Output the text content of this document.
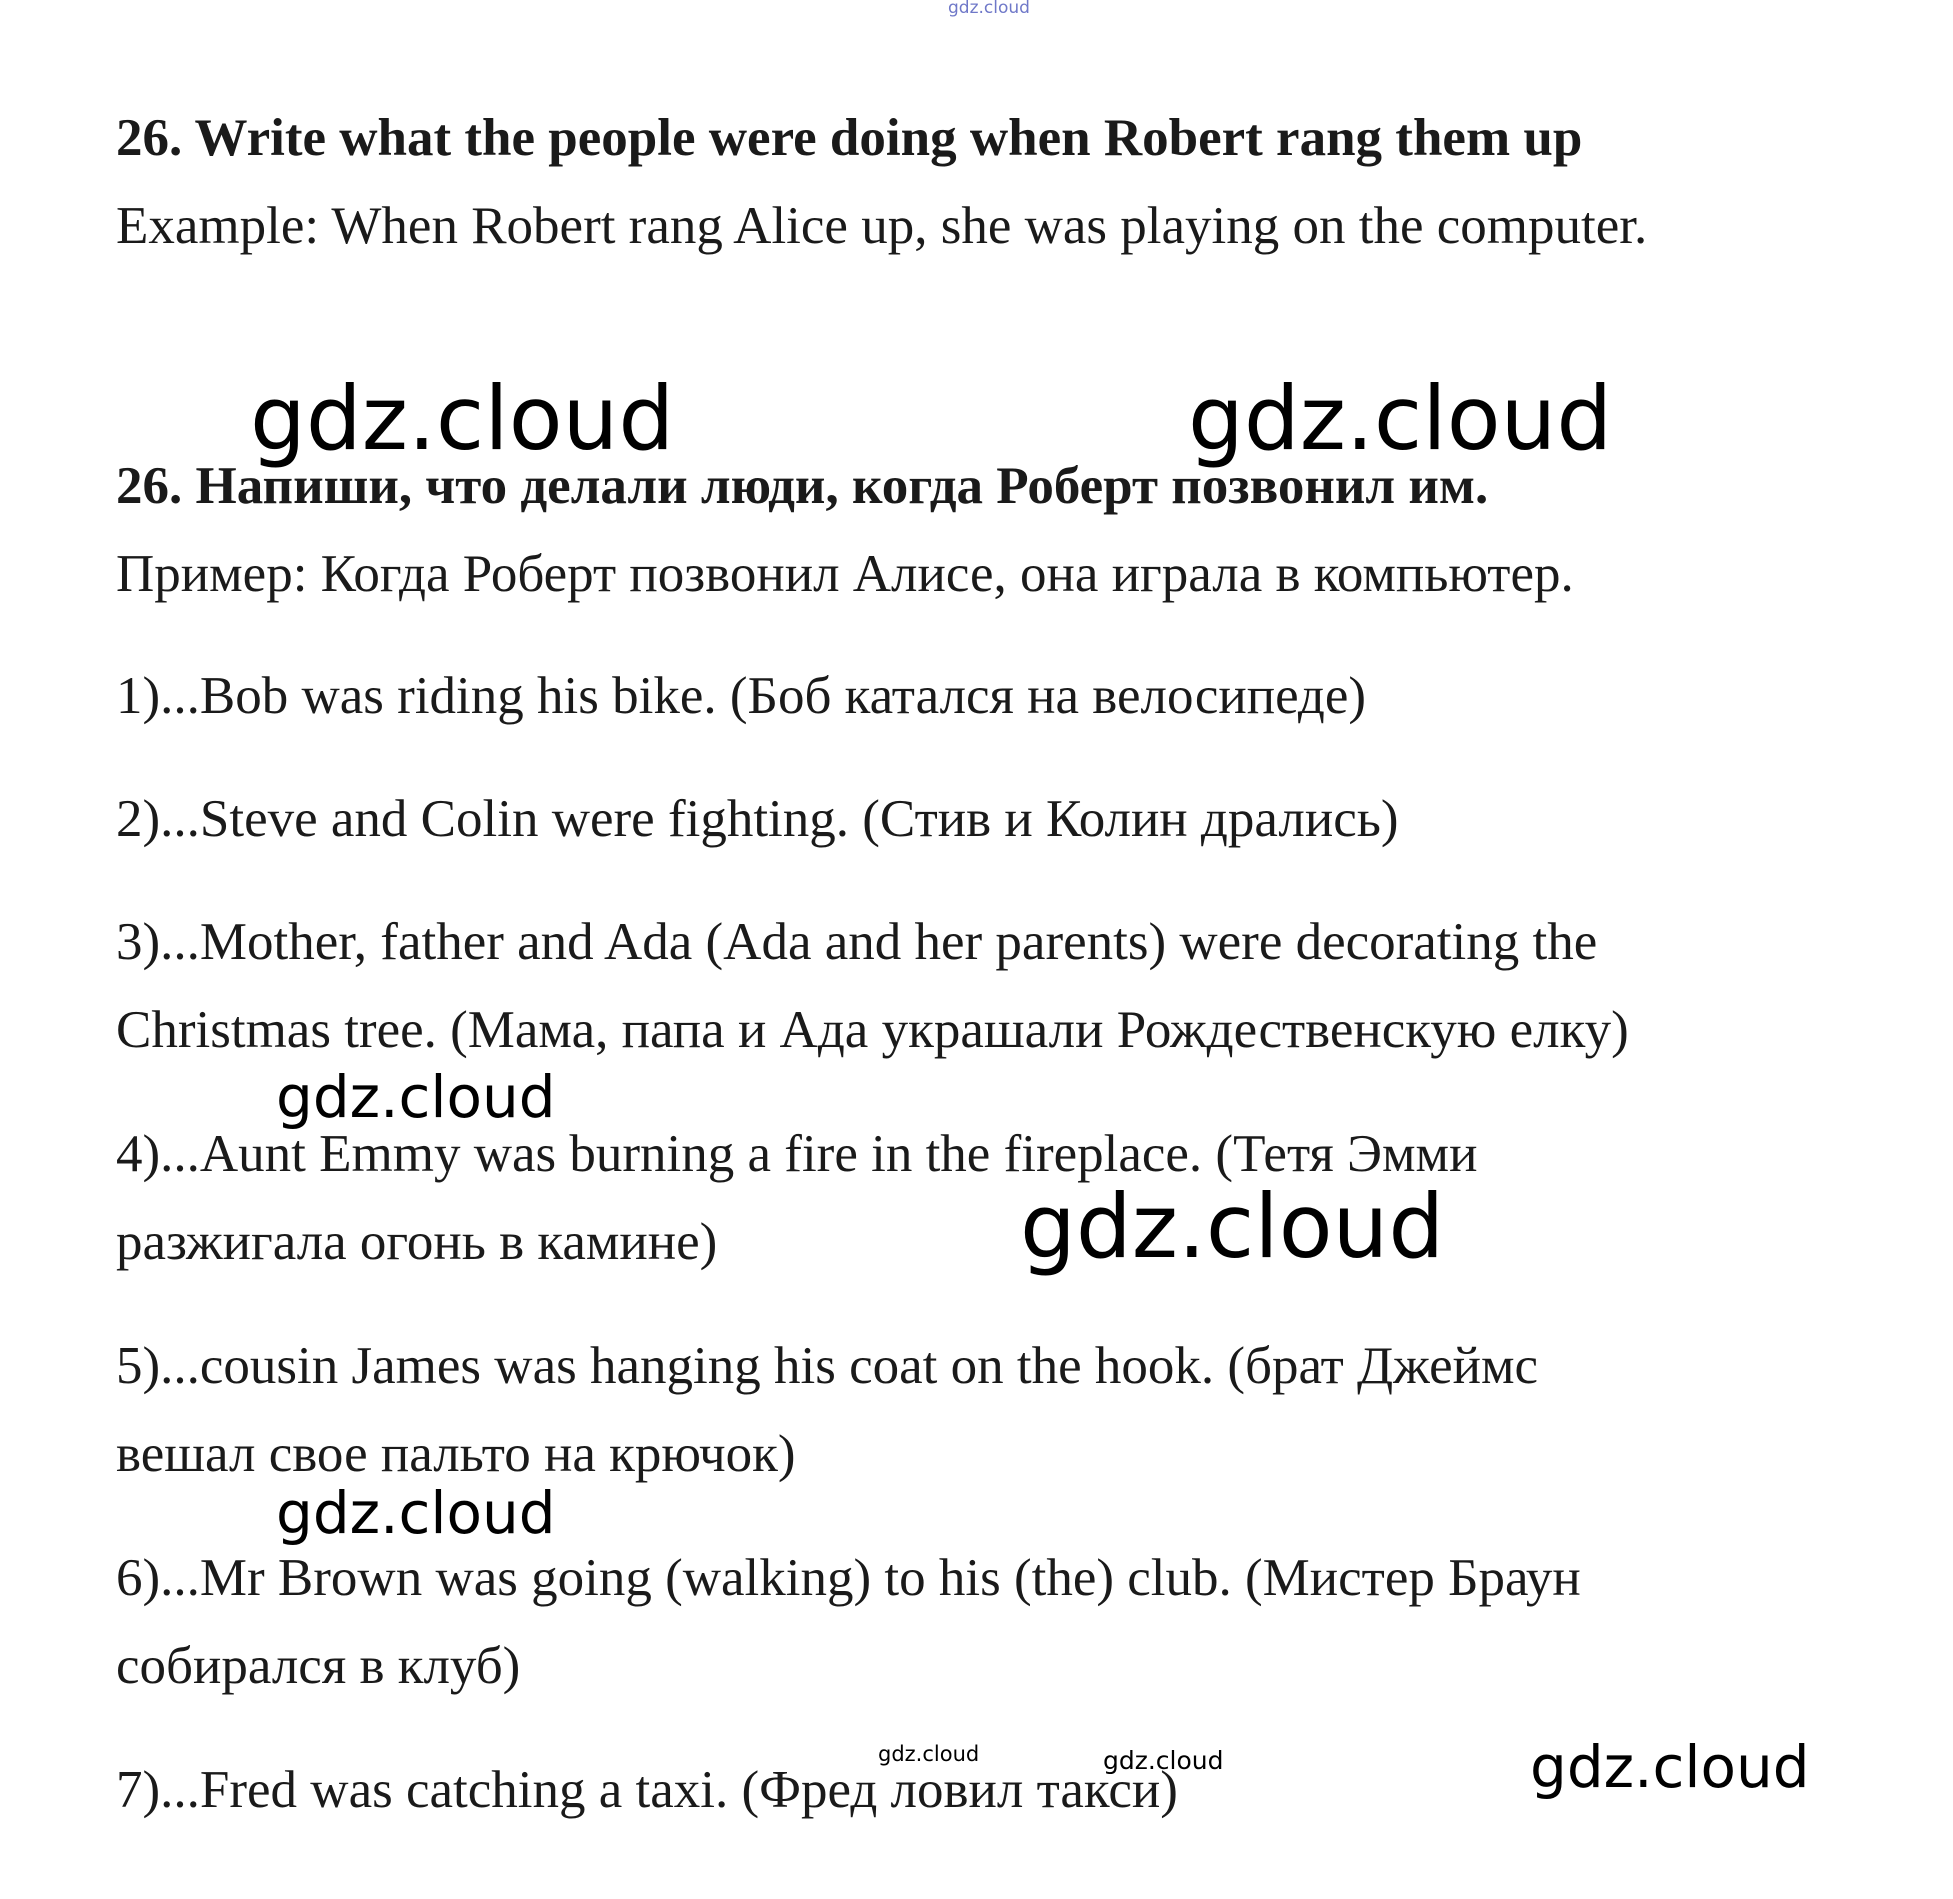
gdz.cloud
26. Write what the people were doing when Robert rang them up
Example: When Robert rang Alice up, she was playing on the computer.
gdz.cloud	gdz.cloud
26. Напиши, что делали люди, когда Роберт позвонил им.
Пример: Когда Роберт позвонил Алисе, она играла в компьютер.
1)...Bob was riding his bike. (Боб катался на велосипеде)
2)...Steve and Colin were fighting. (Стив и Колин дрались)
3)...Mother, father and Ada (Ada and her parents) were decorating the
Christmas tree. (Мама, папа и Ада украшали Рождественскую елку)
gdz.cloud
4)...Aunt Emmy was burning a fire in the fireplace. (Тетя Эмми
разжигала огонь в камине)	gdz.cloud
5)...cousin James was hanging his coat on the hook. (брат Джеймс
вешал свое пальто на крючок)
gdz.cloud
6)...Mr Brown was going (walking) to his (the) club. (Мистер Браун
собирался в клуб)
gdz.cloud	gdz.cloud	gdz.cloud
7)...Fred was catching a taxi. (Фред ловил такси)
